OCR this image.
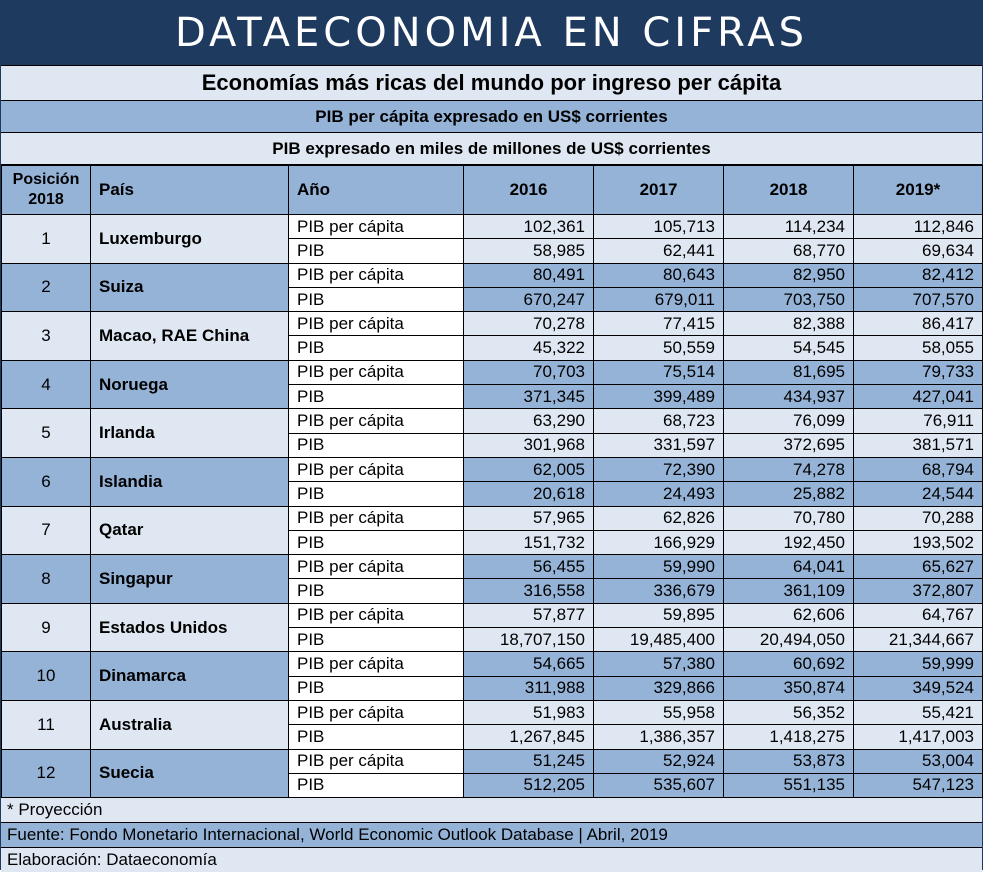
DATAECONOMIA EN CIFRAS
Economías más ricas del mundo por ingreso per cápita
PIB per cápita expresado en US$ corrientes
PIB expresado en miles de millones de US$ corrientes
Posición 2018	País	Año	2016	2017	2018	2019*
1	Luxemburgo	PIB per cápita	102,361	105,713	114,234	112,846
		PIB	58,985	62,441	68,770	69,634
2	Suiza	PIB per cápita	80,491	80,643	82,950	82,412
		PIB	670,247	679,011	703,750	707,570
3	Macao, RAE China	PIB per cápita	70,278	77,415	82,388	86,417
		PIB	45,322	50,559	54,545	58,055
4	Noruega	PIB per cápita	70,703	75,514	81,695	79,733
		PIB	371,345	399,489	434,937	427,041
5	Irlanda	PIB per cápita	63,290	68,723	76,099	76,911
		PIB	301,968	331,597	372,695	381,571
6	Islandia	PIB per cápita	62,005	72,390	74,278	68,794
		PIB	20,618	24,493	25,882	24,544
7	Qatar	PIB per cápita	57,965	62,826	70,780	70,288
		PIB	151,732	166,929	192,450	193,502
8	Singapur	PIB per cápita	56,455	59,990	64,041	65,627
		PIB	316,558	336,679	361,109	372,807
9	Estados Unidos	PIB per cápita	57,877	59,895	62,606	64,767
		PIB	18,707,150	19,485,400	20,494,050	21,344,667
10	Dinamarca	PIB per cápita	54,665	57,380	60,692	59,999
		PIB	311,988	329,866	350,874	349,524
11	Australia	PIB per cápita	51,983	55,958	56,352	55,421
		PIB	1,267,845	1,386,357	1,418,275	1,417,003
12	Suecia	PIB per cápita	51,245	52,924	53,873	53,004
		PIB	512,205	535,607	551,135	547,123
* Proyección
Fuente: Fondo Monetario Internacional, World Economic Outlook Database | Abril, 2019
Elaboración: Dataeconomía
